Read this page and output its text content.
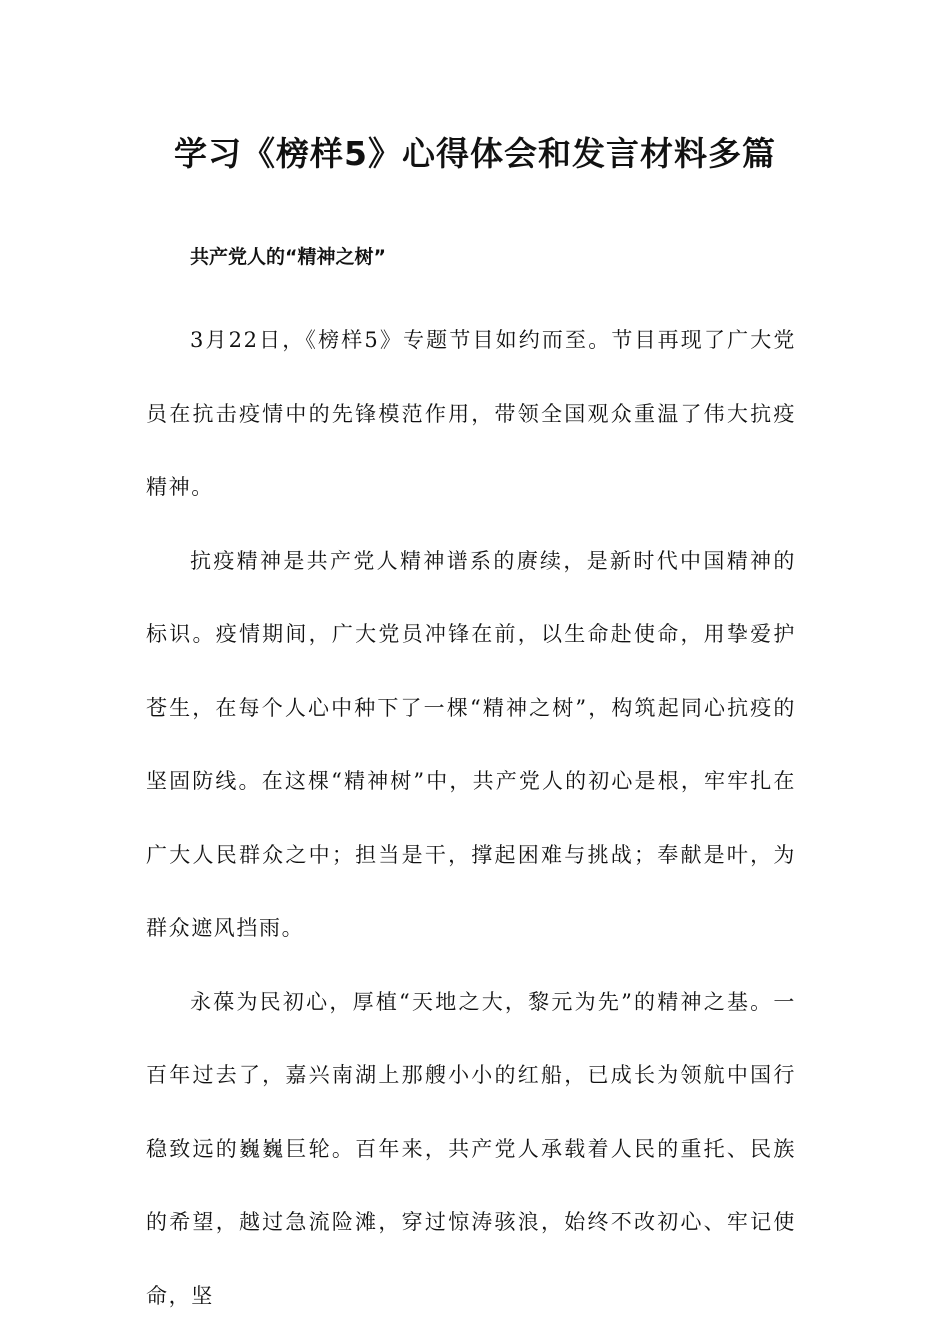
学习《榜样5》心得体会和发言材料多篇
共产党人的“精神之树”

3月22日，《榜样5》专题节目如约而至。节目再现了广大党员在抗击疫情中的先锋模范作用，带领全国观众重温了伟大抗疫精神。

抗疫精神是共产党人精神谱系的赓续，是新时代中国精神的标识。疫情期间，广大党员冲锋在前，以生命赴使命，用挚爱护苍生，在每个人心中种下了一棵“精神之树”，构筑起同心抗疫的坚固防线。在这棵“精神树”中，共产党人的初心是根，牢牢扎在广大人民群众之中；担当是干，撑起困难与挑战；奉献是叶，为群众遮风挡雨。

永葆为民初心，厚植“天地之大，黎元为先”的精神之基。一百年过去了，嘉兴南湖上那艘小小的红船，已成长为领航中国行稳致远的巍巍巨轮。百年来，共产党人承载着人民的重托、民族的希望，越过急流险滩，穿过惊涛骇浪，始终不改初心、牢记使命，坚
